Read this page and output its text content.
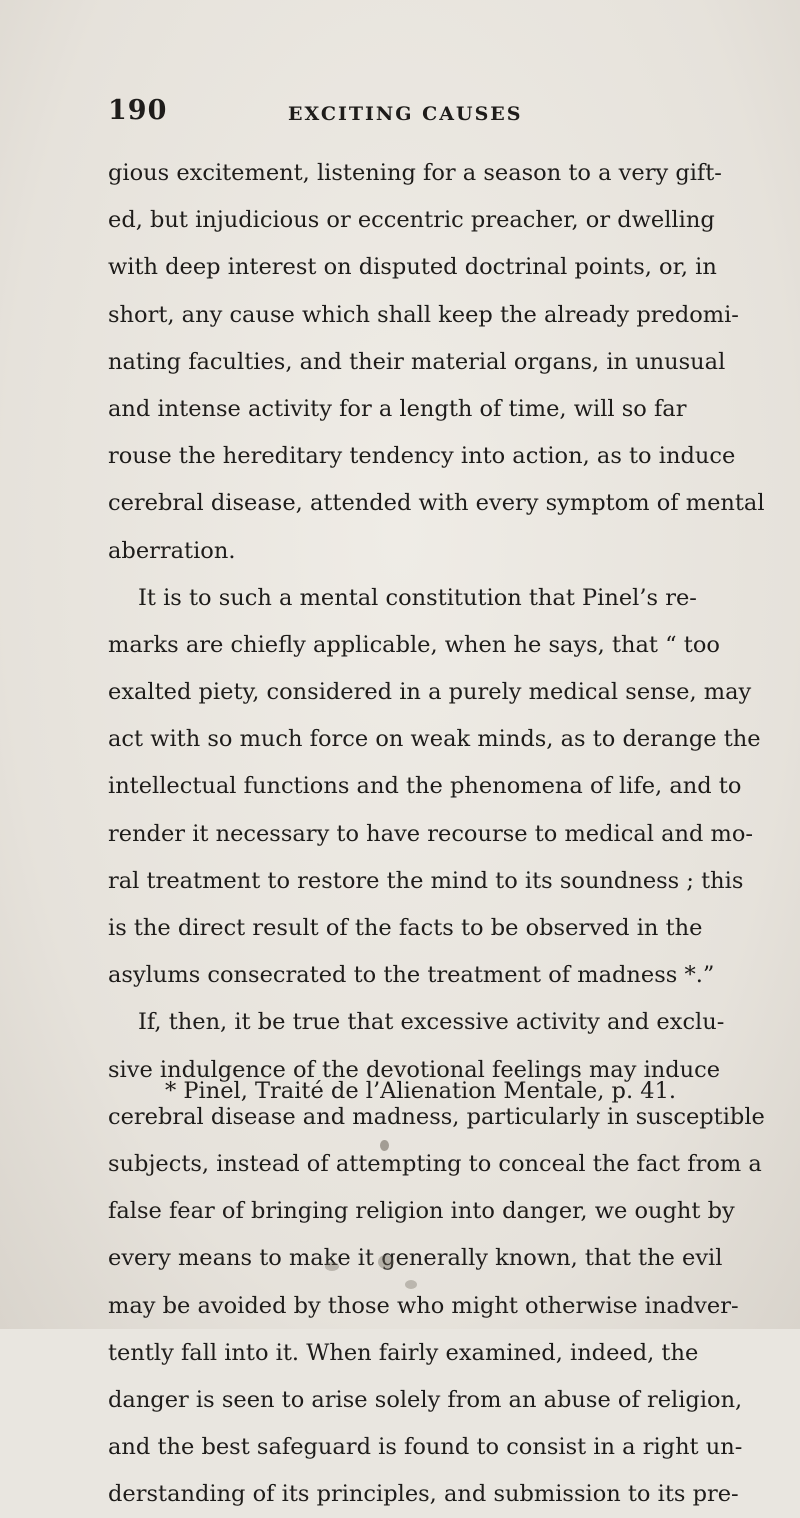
190	EXCITING CAUSES
gious excitement, listening for a season to a very gift-
ed, but injudicious or eccentric preacher, or dwelling
with deep interest on disputed doctrinal points, or, in
short, any cause which shall keep the already predomi-
nating faculties, and their material organs, in unusual
and intense activity for a length of time, will so far
rouse the hereditary tendency into action, as to induce
cerebral disease, attended with every symptom of mental
aberration.
It is to such a mental constitution that Pinel’s re-
marks are chiefly applicable, when he says, that “ too
exalted piety, considered in a purely medical sense, may
act with so much force on weak minds, as to derange the
intellectual functions and the phenomena of life, and to
render it necessary to have recourse to medical and mo-
ral treatment to restore the mind to its soundness ; this
is the direct result of the facts to be observed in the
asylums consecrated to the treatment of madness *.”
If, then, it be true that excessive activity and exclu-
sive indulgence of the devotional feelings may induce
cerebral disease and madness, particularly in susceptible
subjects, instead of attempting to conceal the fact from a
false fear of bringing religion into danger, we ought by
every means to make it generally known, that the evil
may be avoided by those who might otherwise inadver-
tently fall into it. When fairly examined, indeed, the
danger is seen to arise solely from an abuse of religion,
and the best safeguard is found to consist in a right un-
derstanding of its principles, and submission to its pre-
* Pinel, Traité de l’Alienation Mentale, p. 41.
